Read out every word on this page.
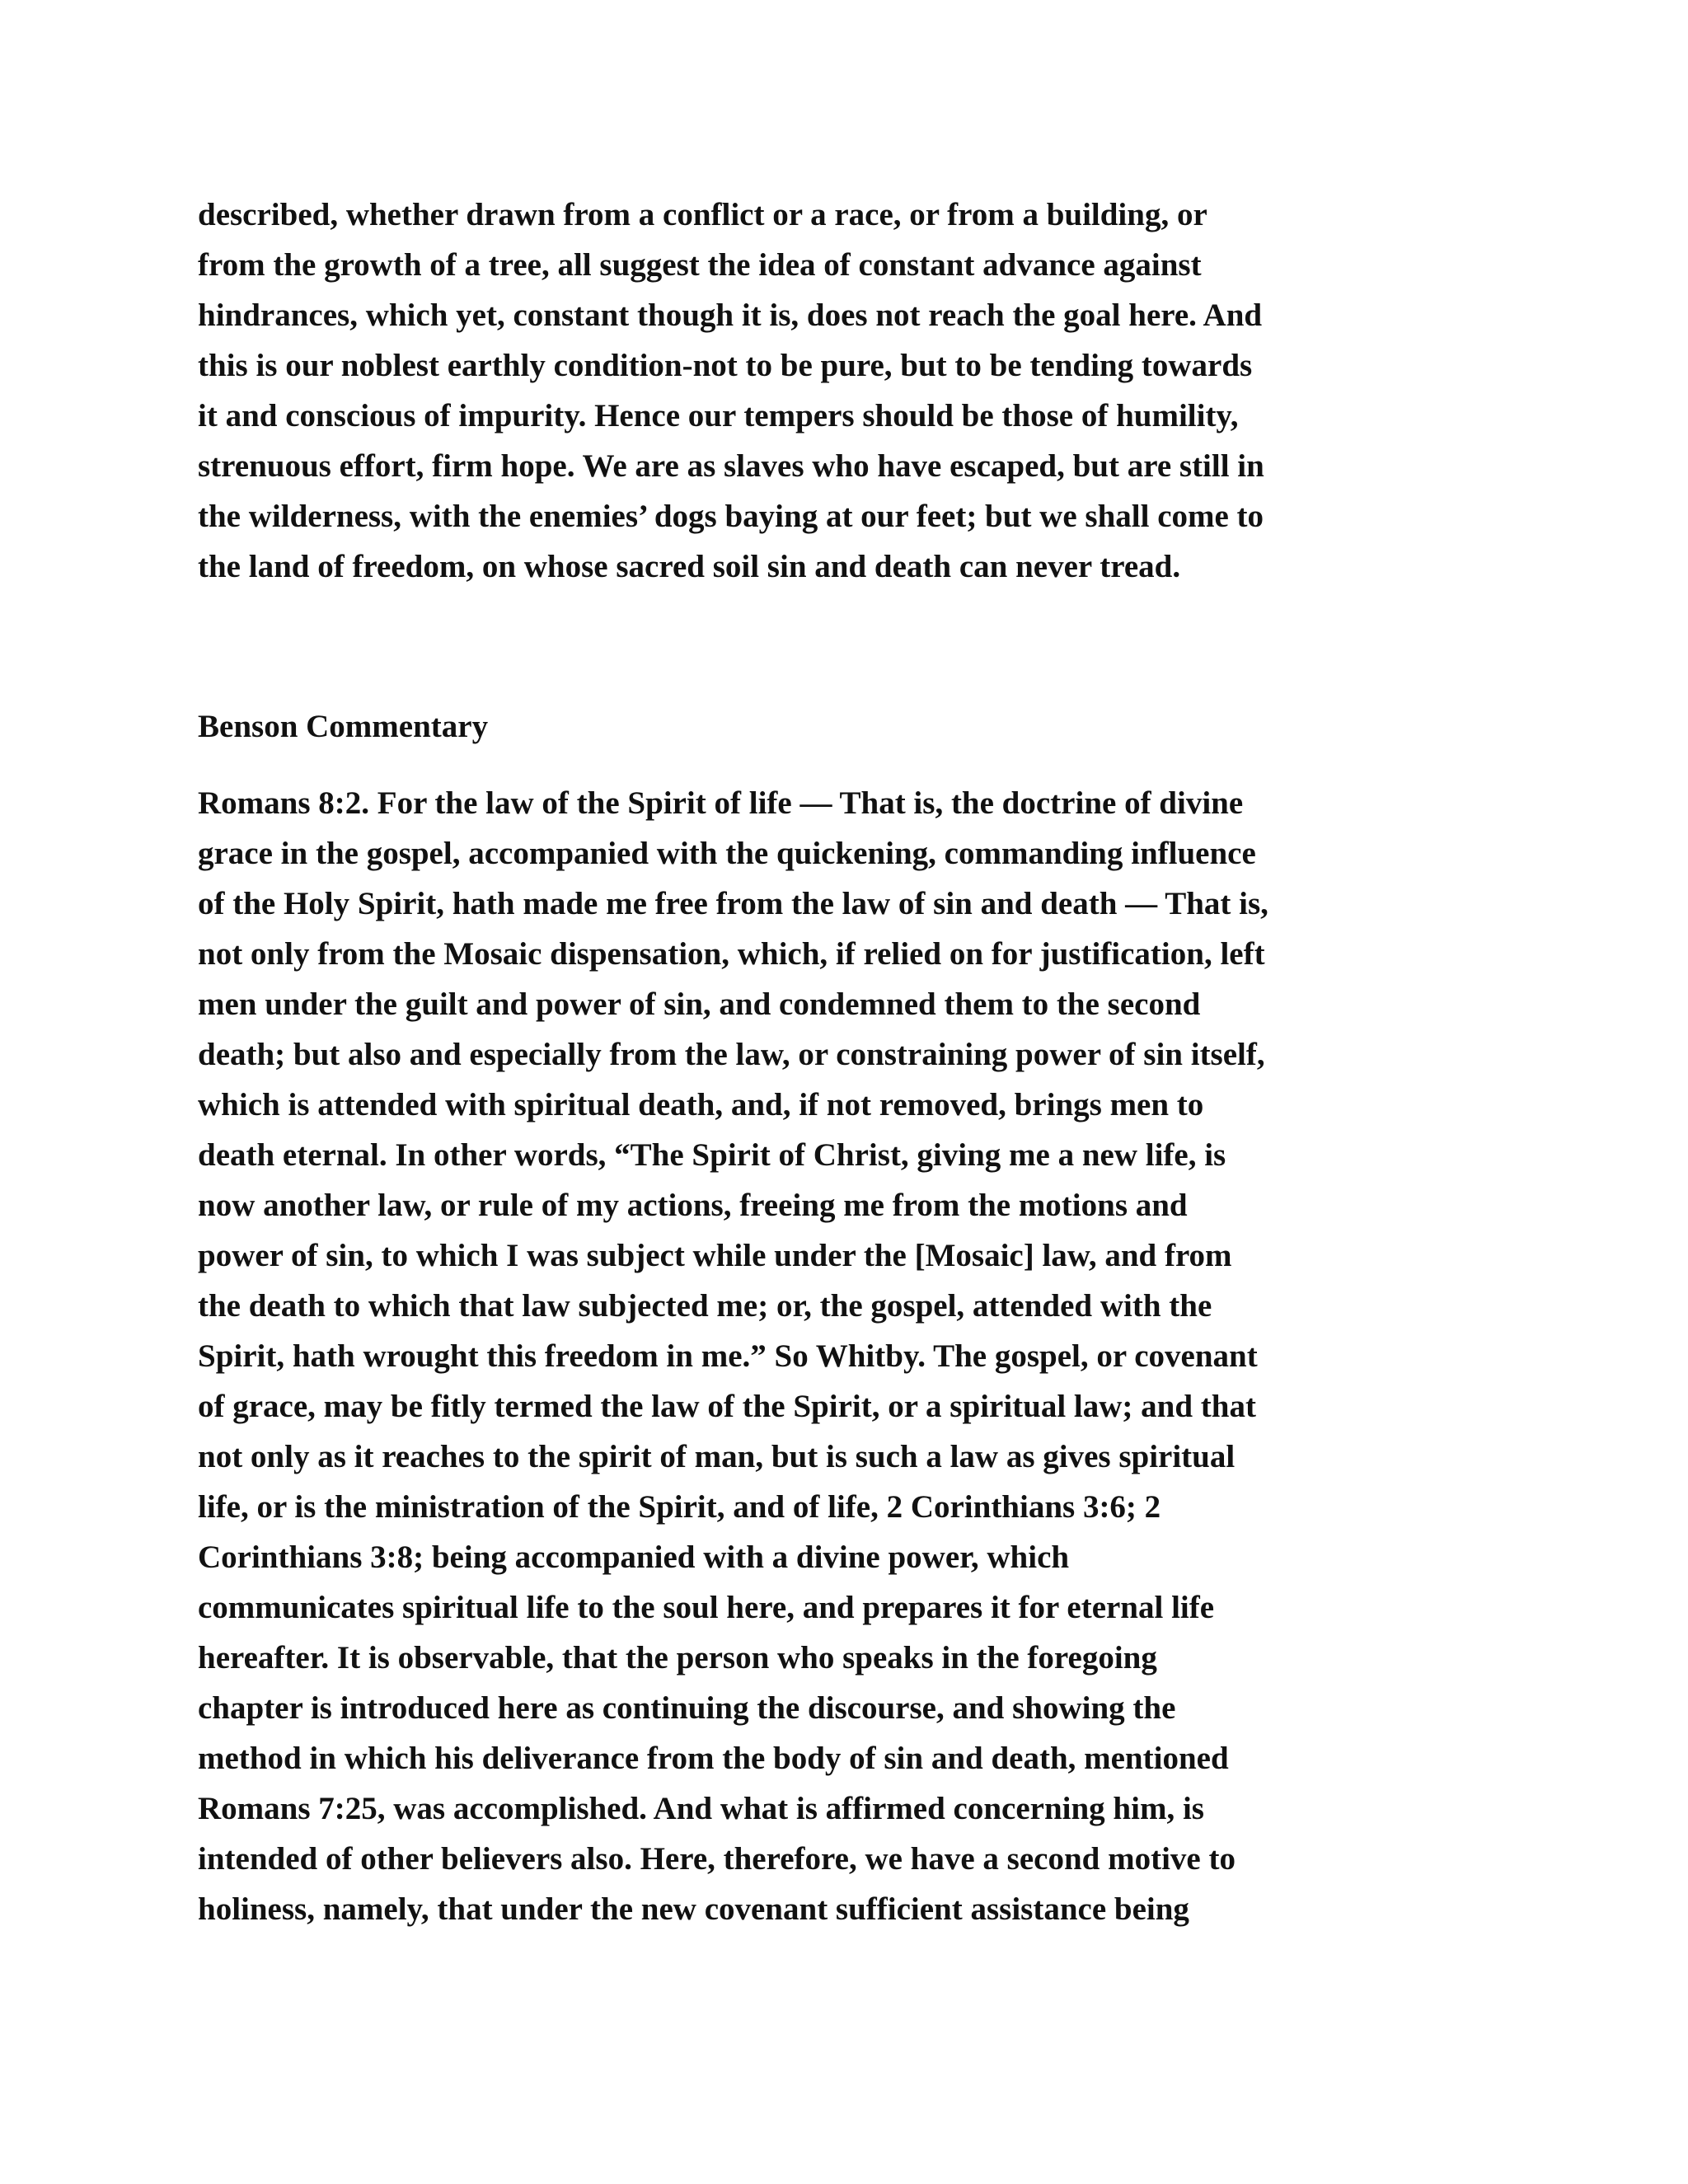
described, whether drawn from a conflict or a race, or from a building, or
from the growth of a tree, all suggest the idea of constant advance against
hindrances, which yet, constant though it is, does not reach the goal here. And
this is our noblest earthly condition-not to be pure, but to be tending towards
it and conscious of impurity. Hence our tempers should be those of humility,
strenuous effort, firm hope. We are as slaves who have escaped, but are still in
the wilderness, with the enemies’ dogs baying at our feet; but we shall come to
the land of freedom, on whose sacred soil sin and death can never tread.
Benson Commentary
Romans 8:2. For the law of the Spirit of life — That is, the doctrine of divine
grace in the gospel, accompanied with the quickening, commanding influence
of the Holy Spirit, hath made me free from the law of sin and death — That is,
not only from the Mosaic dispensation, which, if relied on for justification, left
men under the guilt and power of sin, and condemned them to the second
death; but also and especially from the law, or constraining power of sin itself,
which is attended with spiritual death, and, if not removed, brings men to
death eternal. In other words, “The Spirit of Christ, giving me a new life, is
now another law, or rule of my actions, freeing me from the motions and
power of sin, to which I was subject while under the [Mosaic] law, and from
the death to which that law subjected me; or, the gospel, attended with the
Spirit, hath wrought this freedom in me.” So Whitby. The gospel, or covenant
of grace, may be fitly termed the law of the Spirit, or a spiritual law; and that
not only as it reaches to the spirit of man, but is such a law as gives spiritual
life, or is the ministration of the Spirit, and of life, 2 Corinthians 3:6; 2
Corinthians 3:8; being accompanied with a divine power, which
communicates spiritual life to the soul here, and prepares it for eternal life
hereafter. It is observable, that the person who speaks in the foregoing
chapter is introduced here as continuing the discourse, and showing the
method in which his deliverance from the body of sin and death, mentioned
Romans 7:25, was accomplished. And what is affirmed concerning him, is
intended of other believers also. Here, therefore, we have a second motive to
holiness, namely, that under the new covenant sufficient assistance being
